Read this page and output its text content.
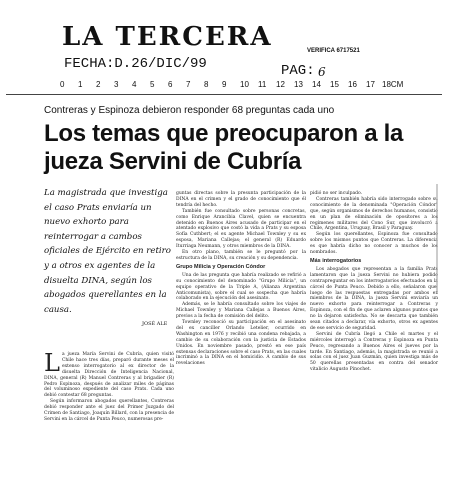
LA TERCERA	VERIFICA 6717521
FECHA:D.26/DIC/99	PAG: 6
0 1 2 3 4 5 6 7 8 9 10 11 12 13 14 15 16 17 18CM
Contreras y Espinoza debieron responder 68 preguntas cada uno
Los temas que preocuparon a la jueza Servini de Cubría
La magistrada que investiga el caso Prats enviaría un nuevo exhorto para reinterrogar a cambos oficiales de Ejército en retiro y a otros ex agentes de la disuelta DINA, según los abogados querellantes en la causa.
JOSÉ ALE
L a jueza María Servini de Cubría, quien visitó Chile hace tres días, preparó durante meses el extenso interrogatorio al ex director de la disuelta Dirección de Inteligencia Nacional, DINA, general (R) Manuel Contreras y al brigadier (R) Pedro Espinoza, después de analizar miles de páginas del voluminoso expediente del caso Prats. Cada uno debió contestar 68 preguntas.

Según informaron abogados querellantes, Contreras debió responder ante el juez del Primer Juzgado del Crimen de Santiago, Joaquín Billard, con la presencia de Servini en la cárcel de Punta Peuco, numerosas pre-

guntas directas sobre la presunta participación de la DINA en el crimen y el grado de conocimiento que él tendría del hecho.

También fue consultado sobre personas concretas, como Enrique Arancibia Clavel, quien se encuentra detenido en Buenos Aires acusado de participar en el atentado explosivo que costó la vida a Prats y su esposa Sofía Cuthbert; el ex agente Michael Townley y su ex esposa, Mariana Callejas; el general (R) Eduardo Iturriaga Neumann, y otros miembros de la DINA.

En otro plano, también se le preguntó por la estructura de la DINA, su creación y su dependencia.

Grupo Milicia y Operación Cóndor

Una de las pregunta que habría realizado se refirió a su conocimiento del denominado "Grupo Milicia", un equipo operativo de la Triple A, (Alianza Argentina Anticomunista), sobre el cual se sospecha que habría colaborado en la ejecución del asesinato.

Además, se le habría consultado sobre los viajes de Michael Townley y Mariana Callejas a Buenos Aires, previos a la fecha de comisión del delito.

Townley reconoció su participación en el asesinato del ex canciller Orlando Letelier, ocurrido en Washington en 1976 y recibió una condena rebajada, a cambio de su colaboración con la justicia de Estados Unidos. En noviembre pasado, prestó en ese país extensas declaraciones sobre el caso Prats, en las cuales incriminó a la DINA en el homicidio. A cambio de sus revelaciones

pidió no ser inculpado.

Contreras también habría sido interrogado sobre su conocimiento de la denominada "Operación Cóndor" que, según organismos de derechos humanos, consistió en un plan de eliminación de opositores a los regímenes militares del Cono Sur, que involucró a Chile, Argentina, Uruguay, Brasil y Paraguay.

Según los querellantes, Espinoza fue consultado sobre los mismos puntos que Contreras. La diferencia es que habría dicho no conocer a muchos de los nombrados.

Más interrogatorios

Los abogados que representan a la familia Prats lamentaron que la jueza Servini no hubiera podido contrapreguntar en los interrogatorios efectuados en la cárcel de Punta Peuco. Debido a ello, señalaron que, luego de las respuestas entregadas por ambos ex miembros de la DINA, la jueza Servini enviaría un nuevo exhorto para reinterrogar a Contreras y Espinoza, con el fin de que aclaren algunos puntos que no la dejaron satisfecha. No se descarta que también sean citados a declarar, vía exhorto, otros ex agentes de ese servicio de seguridad.

Servini de Cubría llegó a Chile el martes y el miércoles interrogó a Contreras y Espinoza en Punta Peuco, regresando a Buenos Aires el jueves por la tarde. En Santiago, además, la magistrada se reunió a solas con el juez Juan Guzmán, quien investiga más de 50 querellas presentadas en contra del senador vitalicio Augusto Pinochet.
